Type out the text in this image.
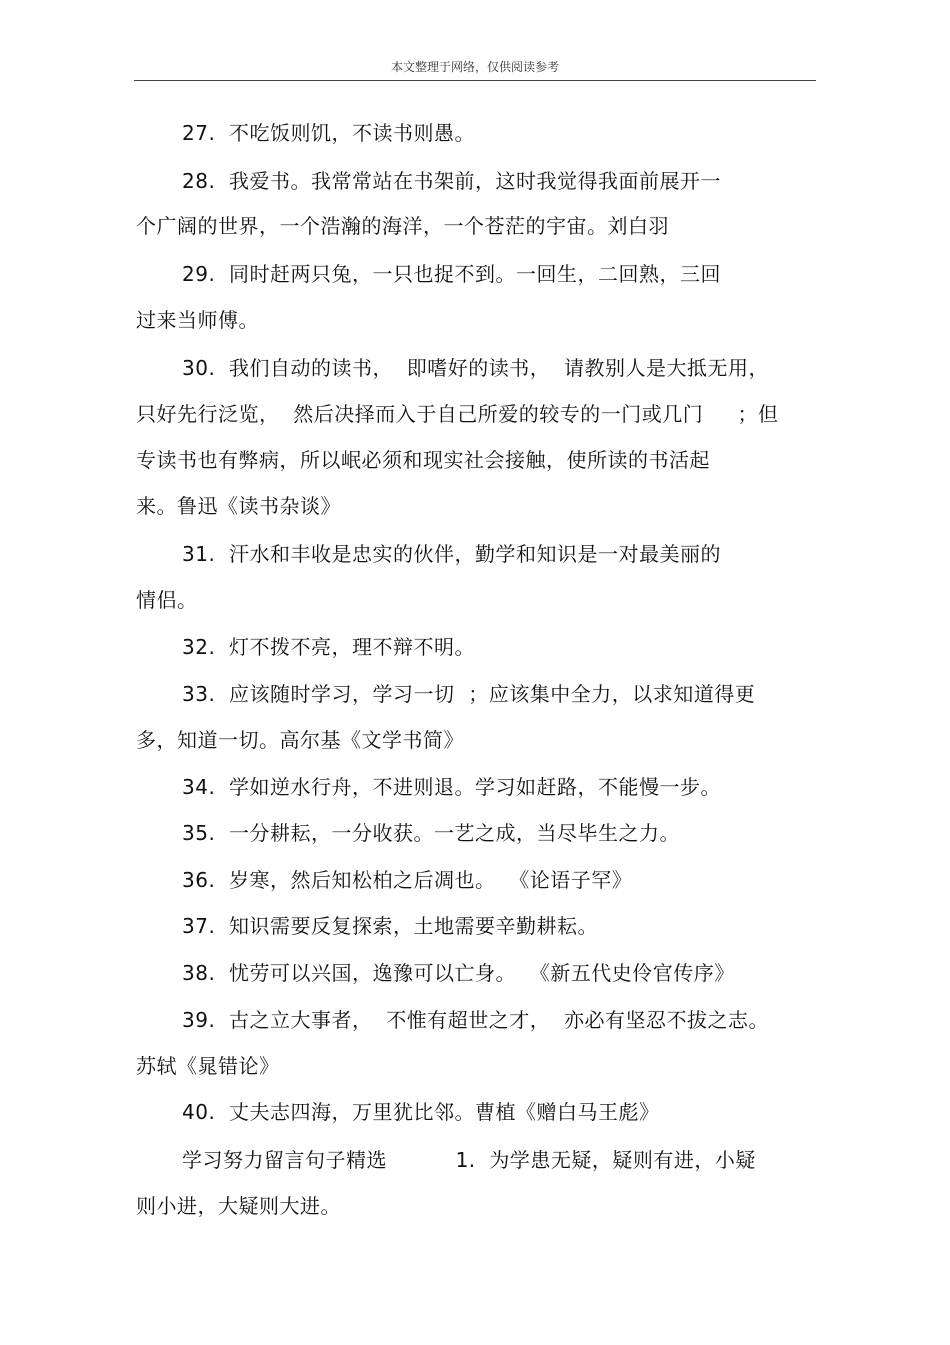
本文整理于网络，仅供阅读参考
27.  不吃饭则饥，不读书则愚。
28.  我爱书。我常常站在书架前，这时我觉得我面前展开一
个广阔的世界，一个浩瀚的海洋，一个苍茫的宇宙。刘白羽
29.  同时赶两只兔，一只也捉不到。一回生，二回熟，三回
过来当师傅。
30.  我们自动的读书，  即嗜好的读书，  请教别人是大抵无用，
只好先行泛览，  然后决择而入于自己所爱的较专的一门或几门     ；但
专读书也有弊病，所以岷必须和现实社会接触，使所读的书活起
来。鲁迅《读书杂谈》
31.  汗水和丰收是忠实的伙伴，勤学和知识是一对最美丽的
情侣。
32.  灯不拨不亮，理不辩不明。
33.  应该随时学习，学习一切  ；应该集中全力，以求知道得更
多，知道一切。高尔基《文学书简》
34.  学如逆水行舟，不进则退。学习如赶路，不能慢一步。
35.  一分耕耘，一分收获。一艺之成，当尽毕生之力。
36.  岁寒，然后知松柏之后凋也。  《论语子罕》
37.  知识需要反复探索，土地需要辛勤耕耘。
38.  忧劳可以兴国，逸豫可以亡身。  《新五代史伶官传序》
39.  古之立大事者，  不惟有超世之才，  亦必有坚忍不拔之志。
苏轼《晁错论》
40.  丈夫志四海，万里犹比邻。曹植《赠白马王彪》
学习努力留言句子精选          1.  为学患无疑，疑则有进，小疑
则小进，大疑则大进。
